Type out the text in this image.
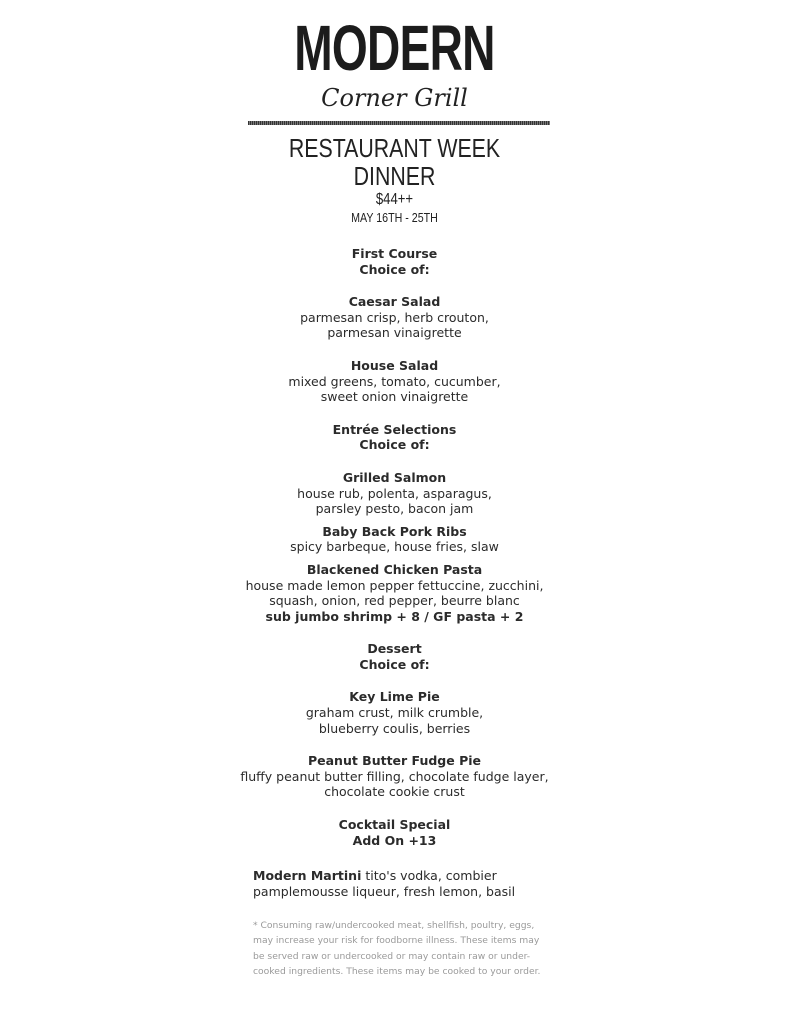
MODERN
Corner Grill
RESTAURANT WEEK
DINNER
$44++
MAY 16TH - 25TH
First Course
Choice of:
Caesar Salad
parmesan crisp, herb crouton,
parmesan vinaigrette
House Salad
mixed greens, tomato, cucumber,
sweet onion vinaigrette
Entrée Selections
Choice of:
Grilled Salmon
house rub, polenta, asparagus,
parsley pesto, bacon jam
Baby Back Pork Ribs
spicy barbeque, house fries, slaw
Blackened Chicken Pasta
house made lemon pepper fettuccine, zucchini,
squash, onion, red pepper, beurre blanc
sub jumbo shrimp + 8 / GF pasta + 2
Dessert
Choice of:
Key Lime Pie
graham crust, milk crumble,
blueberry coulis, berries
Peanut Butter Fudge Pie
fluffy peanut butter filling, chocolate fudge layer,
chocolate cookie crust
Cocktail Special
Add On +13
Modern Martini tito's vodka, combier
pamplemousse liqueur, fresh lemon, basil
* Consuming raw/undercooked meat, shellfish, poultry, eggs, may increase your risk for foodborne illness. These items may be served raw or undercooked or may contain raw or under-cooked ingredients. These items may be cooked to your order.
